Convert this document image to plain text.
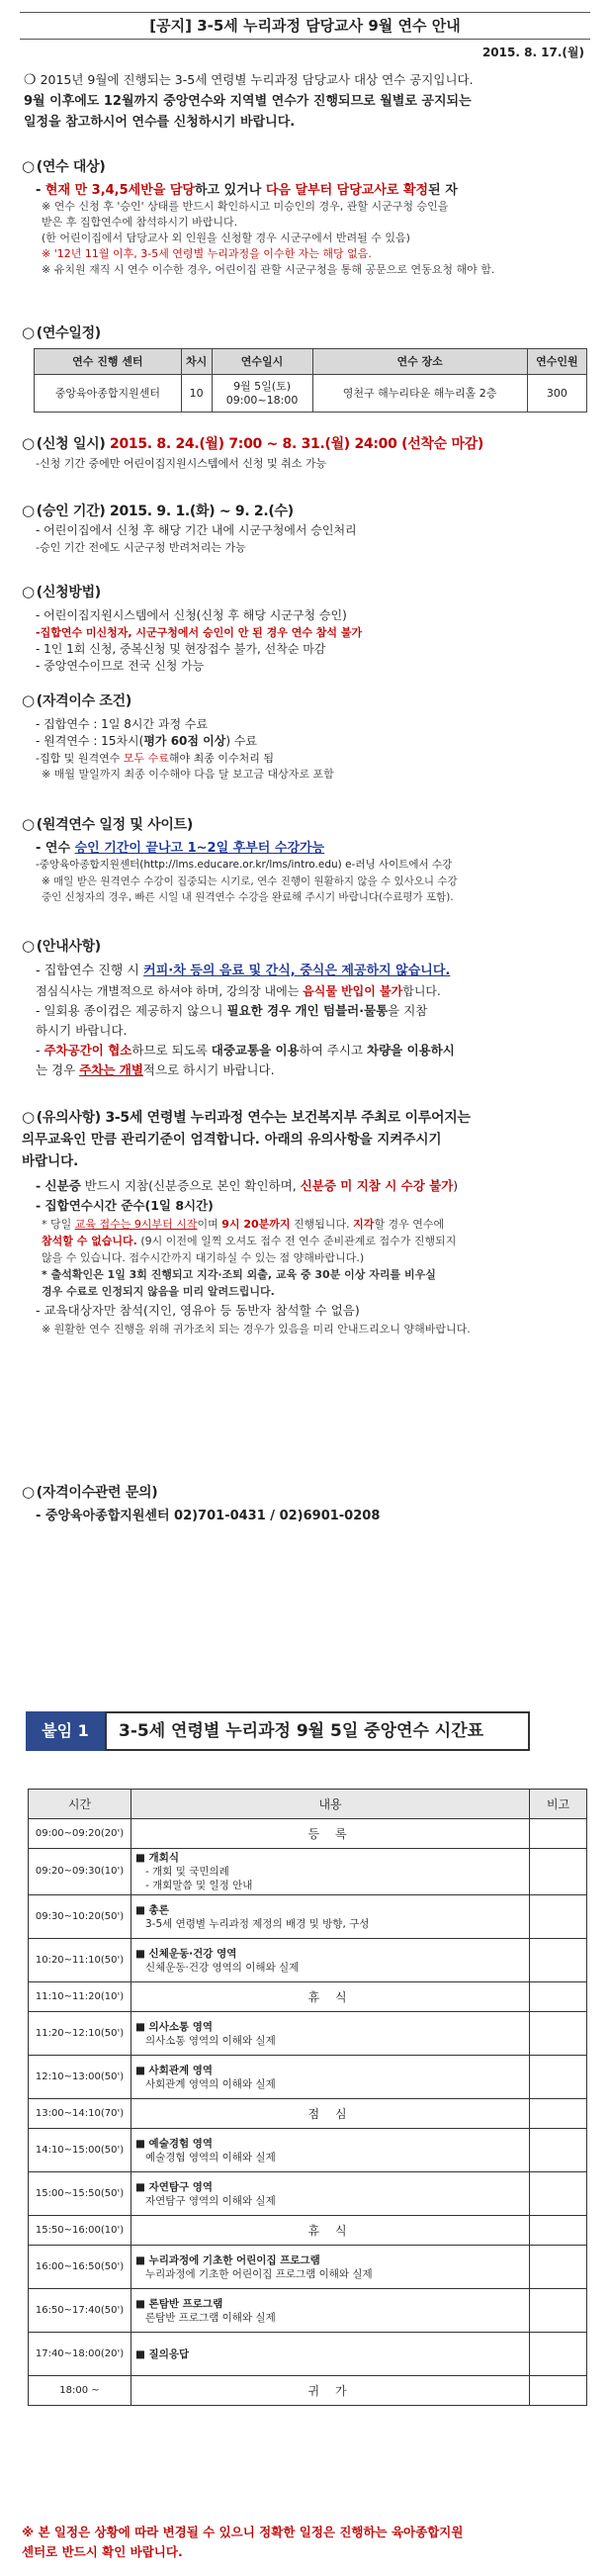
[공지] 3-5세 누리과정 담당교사 9월 연수 안내
2015. 8. 17.(월)
❍ 2015년 9월에 진행되는 3-5세 연령별 누리과정 담당교사 대상 연수 공지입니다.
9월 이후에도 12월까지 중앙연수와 지역별 연수가 진행되므로 월별로 공지되는
일정을 참고하시어 연수를 신청하시기 바랍니다.
○ (연수 대상)
- 현재 만 3,4,5세반을 담당하고 있거나 다음 달부터 담당교사로 확정된 자
※ 연수 신청 후 '승인' 상태를 반드시 확인하시고 미승인의 경우, 관할 시군구청 승인을
받은 후 집합연수에 참석하시기 바랍니다.
(한 어린이집에서 담당교사 외 인원을 신청할 경우 시군구에서 반려될 수 있음)
※ '12년 11월 이후, 3-5세 연령별 누리과정을 이수한 자는 해당 없음.
※ 유치원 재직 시 연수 이수한 경우, 어린이집 관할 시군구청을 통해 공문으로 연동요청 해야 함.
○ (연수일정)
연수 진행 센터	차시	연수일시	연수 장소	연수인원
중앙육아종합지원센터	10	9월 5일(토)
09:00~18:00	영천구 해누리타운 해누리홀 2층	300
○ (신청 일시) 2015. 8. 24.(월) 7:00 ~ 8. 31.(월) 24:00 (선착순 마감)
-신청 기간 중에만 어린이집지원시스템에서 신청 및 취소 가능
○ (승인 기간) 2015. 9. 1.(화) ~ 9. 2.(수)
- 어린이집에서 신청 후 해당 기간 내에 시군구청에서 승인처리
-승인 기간 전에도 시군구청 반려처리는 가능
○ (신청방법)
- 어린이집지원시스템에서 신청(신청 후 해당 시군구청 승인)
-집합연수 미신청자, 시군구청에서 승인이 안 된 경우 연수 참석 불가
- 1인 1회 신청, 중복신청 및 현장접수 불가, 선착순 마감
- 중앙연수이므로 전국 신청 가능
○ (자격이수 조건)
- 집합연수 : 1일 8시간 과정 수료
- 원격연수 : 15차시(평가 60점 이상) 수료
-집합 및 원격연수 모두 수료해야 최종 이수처리 됨
※ 매월 말일까지 최종 이수해야 다음 달 보고금 대상자로 포함
○ (원격연수 일정 및 사이트)
- 연수 승인 기간이 끝나고 1~2일 후부터 수강가능
-중앙육아종합지원센터(http://lms.educare.or.kr/lms/intro.edu) e-러닝 사이트에서 수강
※ 매일 받은 원격연수 수강이 집중되는 시기로, 연수 진행이 원활하지 않을 수 있사오니 수강
중인 신청자의 경우, 빠른 시일 내 원격연수 수강을 완료해 주시기 바랍니다(수료평가 포함).
○ (안내사항)
- 집합연수 진행 시 커피·차 등의 음료 및 간식, 중식은 제공하지 않습니다.
점심식사는 개별적으로 하셔야 하며, 강의장 내에는 음식물 반입이 불가합니다.
- 일회용 종이컵은 제공하지 않으니 필요한 경우 개인 텀블러·물통을 지참
하시기 바랍니다.
- 주차공간이 협소하므로 되도록 대중교통을 이용하여 주시고 차량을 이용하시
는 경우 주차는 개별적으로 하시기 바랍니다.
○ (유의사항) 3-5세 연령별 누리과정 연수는 보건복지부 주최로 이루어지는
의무교육인 만큼 관리기준이 엄격합니다. 아래의 유의사항을 지켜주시기
바랍니다.
- 신분증 반드시 지참(신분증으로 본인 확인하며, 신분증 미 지참 시 수강 불가)
- 집합연수시간 준수(1일 8시간)
* 당일 교육 접수는 9시부터 시작이며 9시 20분까지 진행됩니다. 지각할 경우 연수에
참석할 수 없습니다. (9시 이전에 일찍 오셔도 접수 전 연수 준비관계로 접수가 진행되지
않을 수 있습니다. 접수시간까지 대기하실 수 있는 점 양해바랍니다.)
* 출석확인은 1일 3회 진행되고 지각·조퇴 외출, 교육 중 30분 이상 자리를 비우실
경우 수료로 인정되지 않음을 미리 알려드립니다.
- 교육대상자만 참석(지인, 영유아 등 동반자 참석할 수 없음)
※ 원활한 연수 진행을 위해 귀가조치 되는 경우가 있음을 미리 안내드리오니 양해바랍니다.
○ (자격이수관련 문의)
- 중앙육아종합지원센터 02)701-0431 / 02)6901-0208
붙임 1	3-5세 연령별 누리과정 9월 5일 중앙연수 시간표
시간	내용	비고
09:00~09:20(20')	등 록	
09:20~09:30(10')	■ 개회식
- 개회 및 국민의례
- 개회말씀 및 일정 안내	

09:30~10:20(50')	■ 총론
3-5세 연령별 누리과정 제정의 배경 및 방향, 구성	

10:20~11:10(50')	■ 신체운동·건강 영역
신체운동·건강 영역의 이해와 실제	

11:10~11:20(10')	휴 식	
11:20~12:10(50')	■ 의사소통 영역
의사소통 영역의 이해와 실제	

12:10~13:00(50')	■ 사회관계 영역
사회관계 영역의 이해와 실제	

13:00~14:10(70')	점 심	
14:10~15:00(50')	■ 예술경험 영역
예술경험 영역의 이해와 실제	

15:00~15:50(50')	■ 자연탐구 영역
자연탐구 영역의 이해와 실제	

15:50~16:00(10')	휴 식	
16:00~16:50(50')	■ 누리과정에 기초한 어린이집 프로그램
누리과정에 기초한 어린이집 프로그램 이해와 실제	

16:50~17:40(50')	■ 론탐반 프로그램
론탐반 프로그램 이해와 실제	

17:40~18:00(20')	■ 질의응답	

18:00 ~	귀 가	
※ 본 일정은 상황에 따라 변경될 수 있으니 정확한 일정은 진행하는 육아종합지원
센터로 반드시 확인 바랍니다.
